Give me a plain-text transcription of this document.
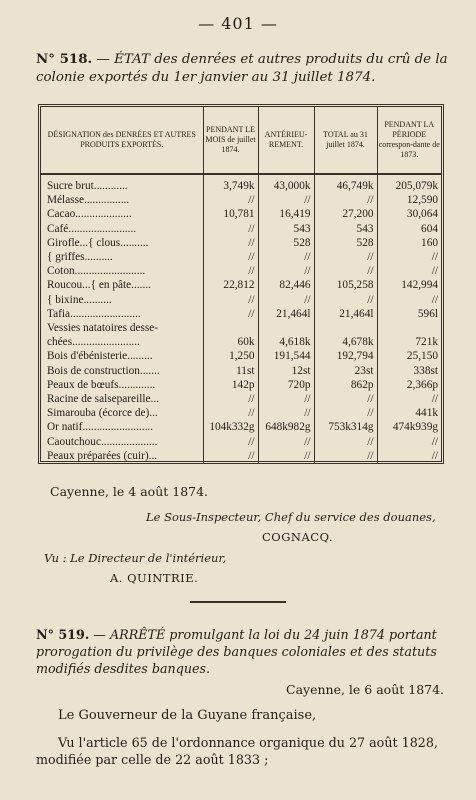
— 401 —
N° 518. — ÉTAT des denrées et autres produits du crû de la colonie exportés du 1er janvier au 31 juillet 1874.
DÉSIGNATION des DENRÉES ET AUTRES PRODUITS EXPORTÉS.	PENDANT LE MOIS de juillet 1874.	ANTÉRIEU-REMENT.	TOTAL au 31 juillet 1874.	PENDANT LA PÉRIODE correspon-dante de 1873.
Sucre brut............	3,749k	43,000k	46,749k	205,079k
Mélasse................	//	//	//	12,590
Cacao....................	10,781	16,419	27,200	30,064
Café........................	//	543	543	604
Girofle...{ clous..........	//	528	528	160
{ griffes..........	//	//	//	//
Coton.........................	//	//	//	//
Roucou...{ en pâte.......	22,812	82,446	105,258	142,994
{ bixine..........	//	//	//	//
Tafia.........................	//	21,464l	21,464l	596l
Vessies natatoires desse-				
chées........................	60k	4,618k	4,678k	721k
Bois d'ébénisterie.........	1,250	191,544	192,794	25,150
Bois de construction.......	11st	12st	23st	338st
Peaux de bœufs.............	142p	720p	862p	2,366p
Racine de salsepareille...	//	//	//	//
Simarouba (écorce de)...	//	//	//	441k
Or natif.........................	104k332g	648k982g	753k314g	474k939g
Caoutchouc....................	//	//	//	//
Peaux préparées (cuir)...	//	//	//	//
Cayenne, le 4 août 1874.
Le Sous-Inspecteur, Chef du service des douanes,
COGNACQ.
Vu : Le Directeur de l'intérieur,
A. QUINTRIE.
N° 519. — ARRÊTÉ promulgant la loi du 24 juin 1874 portant prorogation du privilège des banques coloniales et des statuts modifiés desdites banques.
Cayenne, le 6 août 1874.
Le Gouverneur de la Guyane française,
Vu l'article 65 de l'ordonnance organique du 27 août 1828, modifiée par celle de 22 août 1833 ;
